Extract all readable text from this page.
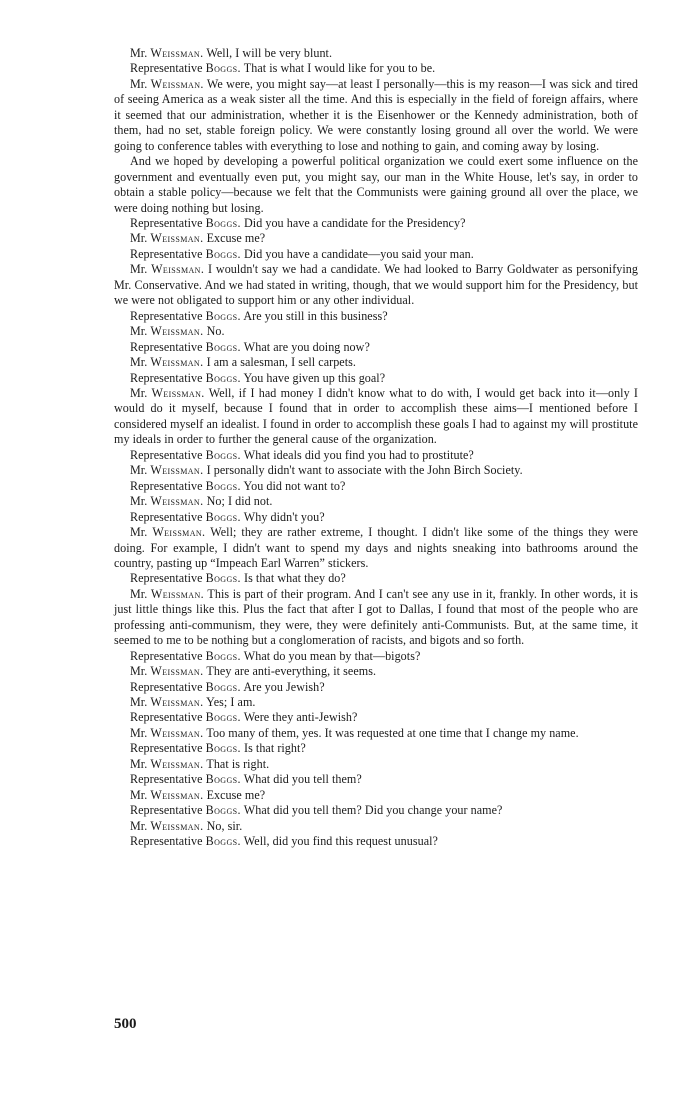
Mr. Weissman. Well, I will be very blunt.

Representative Boggs. That is what I would like for you to be.

Mr. Weissman. We were, you might say—at least I personally—this is my reason—I was sick and tired of seeing America as a weak sister all the time. And this is especially in the field of foreign affairs, where it seemed that our administration, whether it is the Eisenhower or the Kennedy administration, both of them, had no set, stable foreign policy. We were constantly losing ground all over the world. We were going to conference tables with everything to lose and nothing to gain, and coming away by losing.

And we hoped by developing a powerful political organization we could exert some influence on the government and eventually even put, you might say, our man in the White House, let's say, in order to obtain a stable policy—because we felt that the Communists were gaining ground all over the place, we were doing nothing but losing.

Representative Boggs. Did you have a candidate for the Presidency?

Mr. Weissman. Excuse me?

Representative Boggs. Did you have a candidate—you said your man.

Mr. Weissman. I wouldn't say we had a candidate. We had looked to Barry Goldwater as personifying Mr. Conservative. And we had stated in writing, though, that we would support him for the Presidency, but we were not obligated to support him or any other individual.

Representative Boggs. Are you still in this business?

Mr. Weissman. No.

Representative Boggs. What are you doing now?

Mr. Weissman. I am a salesman, I sell carpets.

Representative Boggs. You have given up this goal?

Mr. Weissman. Well, if I had money I didn't know what to do with, I would get back into it—only I would do it myself, because I found that in order to accomplish these aims—I mentioned before I considered myself an idealist. I found in order to accomplish these goals I had to against my will prostitute my ideals in order to further the general cause of the organization.

Representative Boggs. What ideals did you find you had to prostitute?

Mr. Weissman. I personally didn't want to associate with the John Birch Society.

Representative Boggs. You did not want to?

Mr. Weissman. No; I did not.

Representative Boggs. Why didn't you?

Mr. Weissman. Well; they are rather extreme, I thought. I didn't like some of the things they were doing. For example, I didn't want to spend my days and nights sneaking into bathrooms around the country, pasting up “Impeach Earl Warren” stickers.

Representative Boggs. Is that what they do?

Mr. Weissman. This is part of their program. And I can't see any use in it, frankly. In other words, it is just little things like this. Plus the fact that after I got to Dallas, I found that most of the people who are professing anti-communism, they were, they were definitely anti-Communists. But, at the same time, it seemed to me to be nothing but a conglomeration of racists, and bigots and so forth.

Representative Boggs. What do you mean by that—bigots?

Mr. Weissman. They are anti-everything, it seems.

Representative Boggs. Are you Jewish?

Mr. Weissman. Yes; I am.

Representative Boggs. Were they anti-Jewish?

Mr. Weissman. Too many of them, yes. It was requested at one time that I change my name.

Representative Boggs. Is that right?

Mr. Weissman. That is right.

Representative Boggs. What did you tell them?

Mr. Weissman. Excuse me?

Representative Boggs. What did you tell them? Did you change your name?

Mr. Weissman. No, sir.

Representative Boggs. Well, did you find this request unusual?

500
